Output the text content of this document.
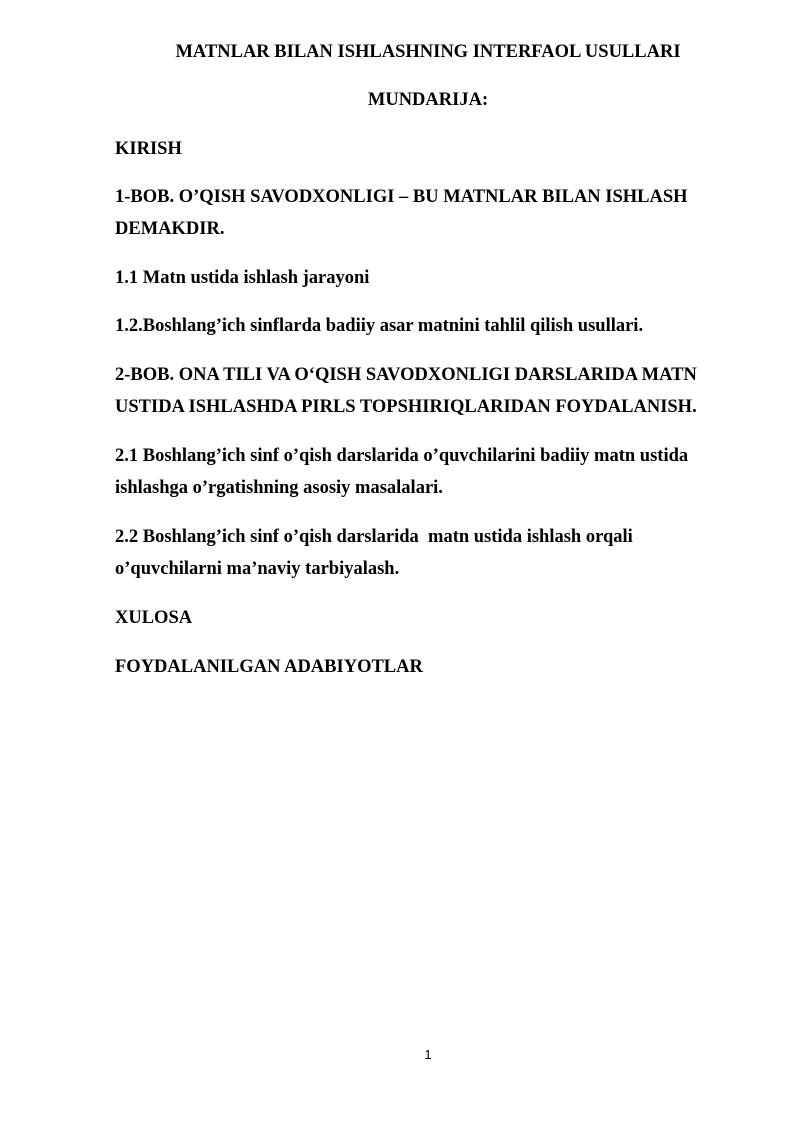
MATNLAR BILAN ISHLASHNING INTERFAOL USULLARI
MUNDARIJA:
KIRISH
1-BOB. O’QISH SAVODXONLIGI – BU MATNLAR BILAN ISHLASH DEMAKDIR.
1.1 Matn ustida ishlash jarayoni
1.2.Boshlang’ich sinflarda badiiy asar matnini tahlil qilish usullari.
2-BOB. ONA TILI VA O‘QISH SAVODXONLIGI DARSLARIDA MATN USTIDA ISHLASHDA PIRLS TOPSHIRIQLARIDAN FOYDALANISH.
2.1 Boshlang’ich sinf o’qish darslarida o’quvchilarini badiiy matn ustida ishlashga o’rgatishning asosiy masalalari.
2.2 Boshlang’ich sinf o’qish darslarida  matn ustida ishlash orqali o’quvchilarni ma’naviy tarbiyalash.
XULOSA
FOYDALANILGAN ADABIYOTLAR
1
